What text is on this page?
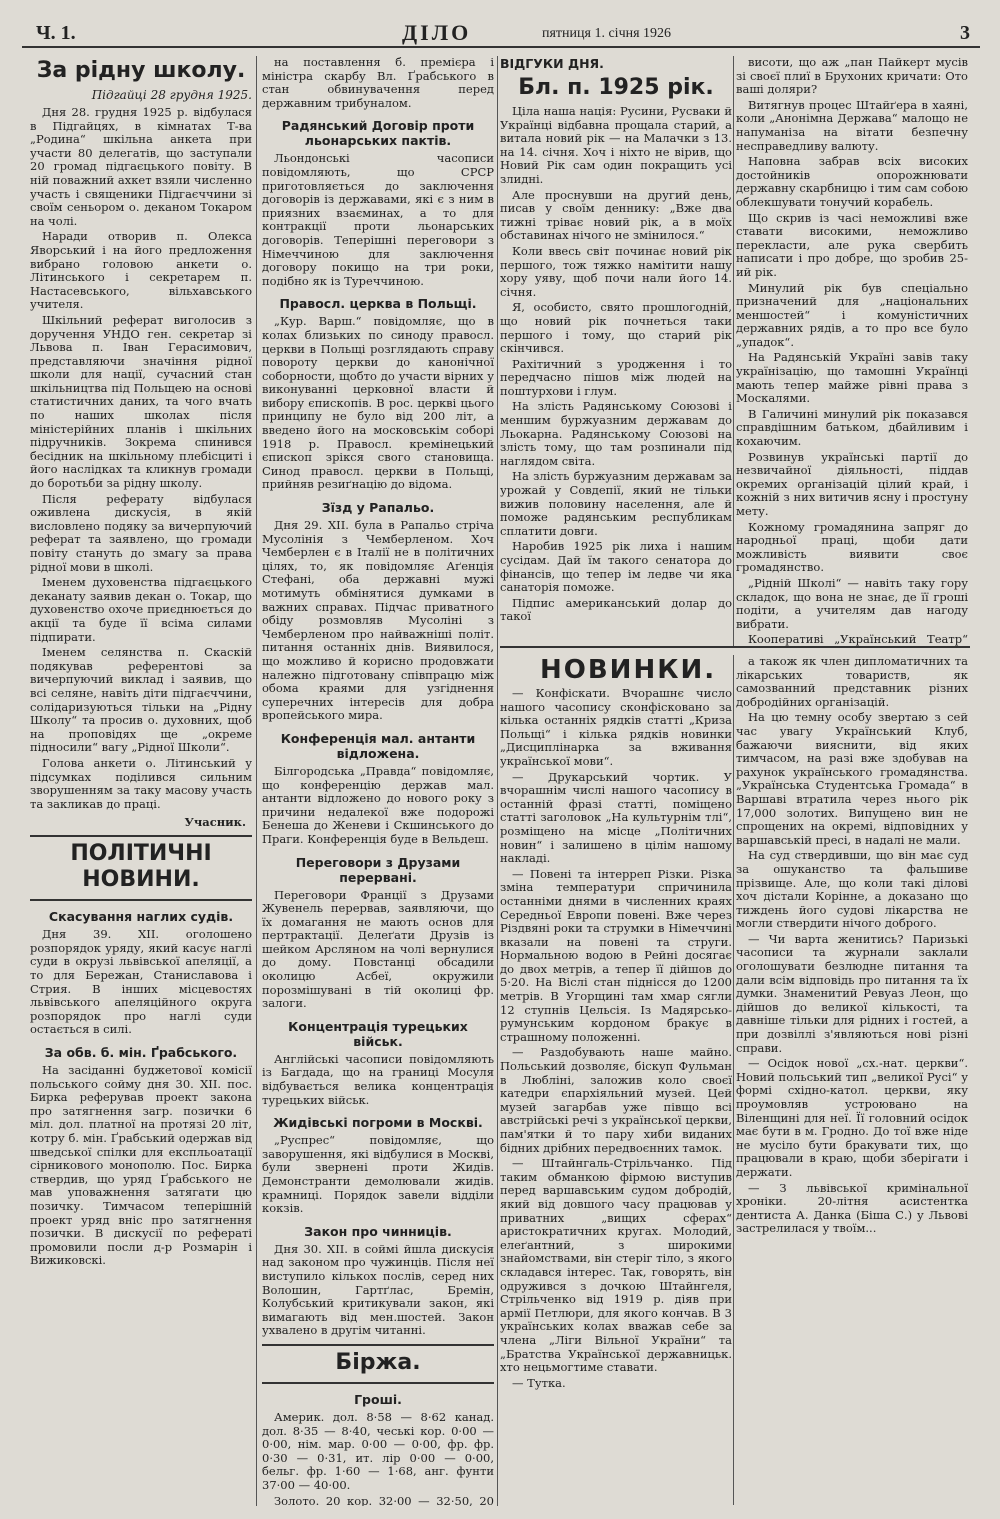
Ч. 1.	ДІЛО	пятниця 1. січня 1926	3
За рідну школу.
Підгайці 28 грудня 1925.

Дня 28. грудня 1925 р. відбулася в Підгайцях, в кімнатах Т-ва „Родина“ шкільна анкета при участи 80 делегатів, що заступали 20 громад підгаєцького повіту. В ній поважний ахкет взяли численно участь і священики Підгаєччини зі своїм сеньором о. деканом Токаром на чолі.

Наради отворив п. Олекса Яворський і на його предложення вибрано головою анкети о. Літинського і секретарем п. Настасевського, вільхавського учителя.

Шкільний реферат виголосив з доручення УНДО ген. секретар зі Львова п. Іван Герасимович, представляючи значіння рідної школи для нації, сучасний стан шкільництва під Польщею на основі статистичних даних, та чого вчать по наших школах після міністерійних планів і шкільних підручників. Зокрема спинився бесідник на шкільному плебісциті і його наслідках та кликнув громади до боротьби за рідну школу.

Після реферату відбулася оживлена дискусія, в якій висловлено подяку за вичерпуючий реферат та заявлено, що громади повіту стануть до змагу за права рідної мови в школі.

Іменем духовенства підгаєцького деканату заявив декан о. Токар, що духовенство охоче приєднюється до акції та буде її всіма силами підпирати.

Іменем селянства п. Скаскій подякував референтові за вичерпуючий виклад і заявив, що всі селяне, навіть діти підгаєччини, солідаризуються тільки на „Рідну Школу“ та просив о. духовних, щоб на проповідях ще „окреме підносили“ вагу „Рідної Школи“.

Голова анкети о. Літинський у підсумках поділився сильним зворушенням за таку масову участь та закликав до праці.

Учасник.
ПОЛІТИЧНІ НОВИНИ.
Скасування наглих судів.

Дня 39. XII. оголошено розпорядок уряду, який касує наглі суди в окрузі львівської апеляції, а то для Бережан, Станиславова і Стрия. В інших місцевостях львівського апеляційного округа розпорядок про наглі суди остається в силі.

За обв. б. мін. Ґрабського.

На засіданні буджетової комісії польського сойму дня 30. XII. пос. Бирка реферував проект закона про затягнення загр. позички 6 міл. дол. платної на протязі 20 літ, котру б. мін. Ґрабський одержав від шведської спілки для експльоатації сірникового монополю. Пос. Бирка ствердив, що уряд Ґрабського не мав уповажнення затягати цю позичку. Тимчасом теперішній проект уряд вніс про затягнення позички. В дискусії по рефераті промовили посли д-р Розмарін і Вижиковскі.

на поставлення б. премієра і міністра скарбу Вл. Ґрабського в стан обвинувачення перед державним трибуналом.

Радянський Договір проти льонарських пактів.

Льондонські часописи повідомляють, що СРСР приготовляється до заключення договорів із державами, які є з ним в приязних взаєминах, а то для контракції проти льонарських договорів. Теперішні переговори з Німеччиною для заключення договору покищо на три роки, подібно як із Туреччиною.

Правосл. церква в Польщі.

„Кур. Варш.“ повідомляє, що в колах близьких по синоду правосл. церкви в Польщі розглядають справу повороту церкви до канонічної соборности, щобто до участи вірних у виконуванні церковної власти й вибору єпископів. В рос. церкві цього принципу не було від 200 літ, а введено його на московськім соборі 1918 р. Правосл. кремінецький єпископ зрікся свого становища. Синод правосл. церкви в Польщі, прийняв резиґнацію до відома.

Зїзд у Рапальо.

Дня 29. XII. була в Рапальо стріча Мусолінія з Чемберленом. Хоч Чемберлен є в Італії не в політичних цілях, то, як повідомляє Аґенція Стефані, оба державні мужі мотимуть обмінятися думками в важних справах. Підчас приватного обіду розмовляв Мусоліні з Чемберленом про найважніші політ. питання останніх днів. Виявилося, що можливо й корисно продовжати належно підготовану співпрацю між обома краями для узгіднення суперечних інтересів для добра вропейського мира.

Конференція мал. антанти відложена.

Білгородська „Правда“ повідомляє, що конференцію держав мал. антанти відложено до нового року з причини недалекої вже подорожі Бенеша до Женеви і Скшинського до Праги. Конференція буде в Вельдеш.

Переговори з Друзами перервані.

Переговори Франції з Друзами Жувенель перервав, заявляючи, що їх домагання не мають основ для пертрактації. Делеґати Друзів із шейком Арсляном на чолі вернулися до дому. Повстанці обсадили околицю Асбеї, окружили порозмішувані в тій околиці фр. залоги.

Концентрація турецьких військ.

Англійські часописи повідомляють із Багдада, що на границі Мосуля відбувається велика концентрація турецьких військ.

Жидівські погроми в Москві.

„Руспрес“ повідомляє, що заворушення, які відбулися в Москві, були звернені проти Жидів. Демонстранти демолювали жидів. крамниці. Порядок завели відділи кокзів.

Закон про чинниців.

Дня 30. XII. в соймі йшла дискусія над законом про чужинців. Після неї виступило кількох послів, серед них Волошин, Гартґлас, Бремін, Колубський критикували закон, які вимагають від мен.шостей. Закон ухвалено в другім читанні.

Біржа.
Гроші.

Америк. дол. 8·58 — 8·62 канад. дол. 8·35 — 8·40, чеські кор. 0·00 — 0·00, нім. мар. 0·00 — 0·00, фр. фр. 0·30 — 0·31, ит. лір 0·00 — 0·00, бельг. фр. 1·60 — 1·68, анг. фунти 37·00 — 40·00.

Золото. 20 кор. 32·00 — 32·50, 20

ВІДГУКИ ДНЯ.
Бл. п. 1925 рік.

Ціла наша нація: Русини, Русваки й Українці відбавна прощала старий, а витала новий рік — на Малачки з 13. на 14. січня. Хоч і ніхто не вірив, що Новий Рік сам один покращить усі злидні.

Але проснувши на другий день, писав у своїм деннику: „Вже два тижні тріває новий рік, а в моїх обставинах нічого не змінилося.“

Коли ввесь світ починає новий рік першого, тож тяжко намітити нашу хору уяву, щоб почи нали його 14. січня.

Я, особисто, свято прошлогодній, що новий рік почнеться таки першого і тому, що старий рік скінчився.

Рахітичний з уродження і то передчасно пішов між людей на поштурхови і глум.

На злість Радянському Союзові і меншим буржуазним державам до Льокарна. Радянському Союзові на злість тому, що там розпинали під наглядом світа.

На злість буржуазним державам за урожай у Совдепії, який не тільки вижив половину населення, але й поможе радянським республикам сплатити довги.

Наробив 1925 рік лиха і нашим сусідам. Дай їм такого сенатора до фінансів, що тепер ім ледве чи яка санаторія поможе.

Підпис американський долар до такої

висоти, що аж „пан Пайкерт мусів зі своєї плиї в Брухоних кричати: Ото ваші доляри?

Витягнув процес Штайґера в хаяні, коли „Анонімна Держава“ малощо не напуманіза на вітати безпечну несправедливу валюту.

Наповна забрав всіх високих достойників опорожнювати державну скарбницю і тим сам собою облекшувати тонучий корабель.

Що скрив із часі неможливі вже ставати високими, неможливо перекласти, але рука свербить написати і про добре, що зробив 25-ий рік.

Минулий рік був спеціально призначений для „національних меншостей“ і комуністичних державних рядів, а то про все було „упадок“.

На Радянській Україні завів таку українізацію, що тамошні Українці мають тепер майже рівні права з Москалями.

В Галичині минулий рік показався справдішним батьком, дбайливим і кохаючим.

Розвинув українські партії до незвичайної діяльності, піддав окремих організацій цілий край, і кожній з них витичив ясну і простуну мету.

Кожному громадянина запряг до народньої праці, щоби дати можливість виявити своє громадянство.

„Рідній Школі“ — навіть таку гору складок, що вона не знає, де її гроші подіти, а учителям дав нагоду вибрати.

Кооперативі „Український Театр“

НОВИНКИ.

— Конфіскати. Вчорашнє число нашого часопису сконфісковано за кілька останніх рядків статті „Криза Польщі“ і кілька рядків новинки „Дисциплінарка за вживання української мови“.

— Друкарський чортик. У вчорашнім числі нашого часопису в останній фразі статті, поміщено статті заголовок „На культурнім тлі“, розміщено на місце „Політичних новин“ і залишено в цілім нашому накладі.

— Повені та інтерреп Різки. Різка зміна температури спричинила останніми днями в численних краях Середньої Европи повені. Вже через Різдвяні роки та струмки в Німеччині вказали на повені та струги. Нормальною водою в Рейні досягає до двох метрів, а тепер її дійшов до 5·20. На Віслі стан піднісся до 1200 метрів. В Угорщині там хмар сягли 12 ступнів Цельсія. Із Мадярсько-румунським кордоном бракує в страшному положенні.

— Раздобувають наше майно. Польський дозволяє, біскуп Фульман в Любліні, заложив коло своєї катедри єпархіяльний музей. Цей музей загарбав уже півщо всі австрійські речі з української церкви, пам'ятки й то пару хиби виданих бідних дрібних передвоєнних тамок.

— Штайнгаль-Стрільчанко. Під таким обманкою фірмою виступив перед варшавським судом добродій, який від довшого часу працював у приватних „вищих сферах“ аристократичних кругах. Молодий, елеґантний, з широкими знайомствами, він стеріг тіло, з якого складався інтерес. Так, говорять, він одружився з дочкою Штайнгеля, Стрільченко від 1919 р. діяв при армії Петлюри, для якого кончав. В 3 українських колах вважав себе за члена „Ліги Вільної України“ та „Братства Української державницьк. хто нецьмогтиме ставати.

— Тутка.

а також як член дипломатичних та лікарських товариств, як самозванний представник різних добродійних організацій.

На цю темну особу звертаю з сей час увагу Український Клуб, бажаючи вияснити, від яких тимчасом, на разі вже здобував на рахунок українського громадянства. „Українська Студентська Громада“ в Варшаві втратила через нього рік 17,000 золотих. Випущено вин не спрощених на окремі, відповідних у варшавській пресі, в надалі не мали.

На суд ствердивши, що він має суд за ошуканство та фальшиве прізвище. Але, що коли такі ділові хоч дістали Корінне, а доказано що тиждень його судові лікарства не могли ствердити нічого доброго.

— Чи варта женитись? Паризькі часописи та журнали заклали оголошувати безлюдне питання та дали всім відповідь про питання та їх думки. Знаменитий Ревуаз Леон, що дійшов до великої кількості, та давніше тільки для рідних і гостей, а при дозвіллі з'являються нові різні справи.

— Осідок нової „сх.-нат. церкви“. Новий польський тип „великої Русі“ у формі східно-катол. церкви, яку проумовляв устроювано на Віленщині для неї. Її головний осідок має бути в м. Гродно. До тої вже ніде не мусіло бути бракувати тих, що працювали в краю, щоби зберігати і держати.

— З львівської кримінальної хроніки. 20-літня асистентка дентиста А. Данка (Біша С.) у Львові застрелилася у твоїм...
